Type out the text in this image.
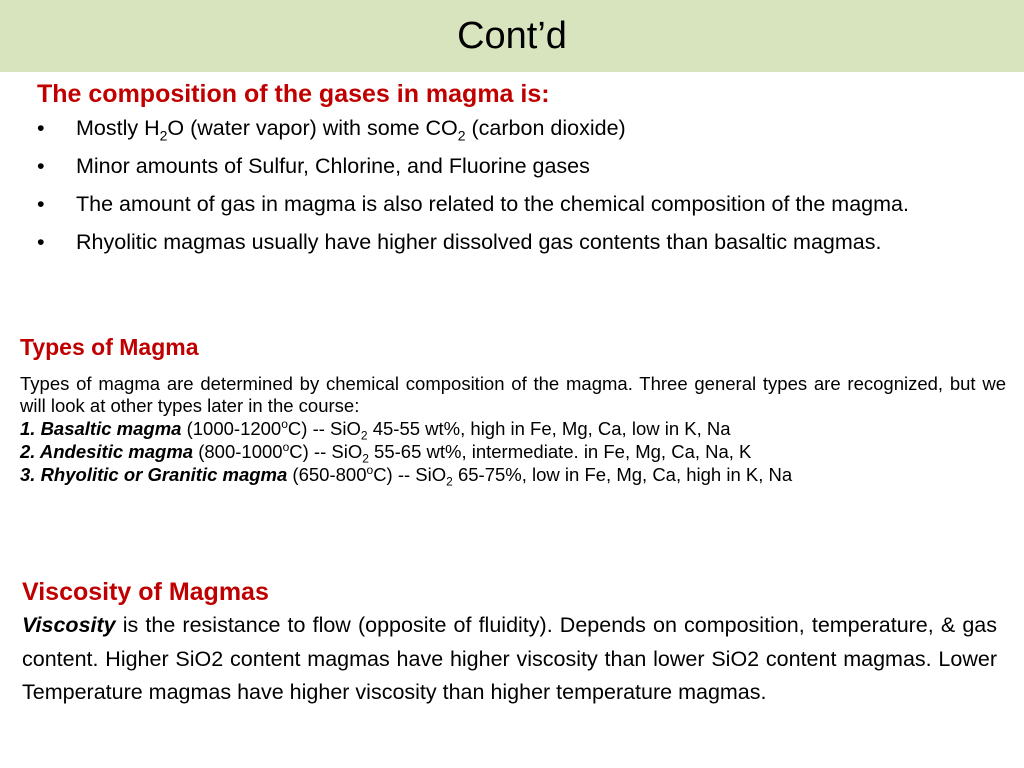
Cont’d
The composition of the gases in magma is:
• Mostly $H_2O$ (water vapor) with some $CO_2$ (carbon dioxide)
• Minor amounts of Sulfur, Chlorine, and Fluorine gases
• The amount of gas in magma is also related to the chemical composition of the magma.
• Rhyolitic magmas usually have higher dissolved gas contents than basaltic magmas.
Types of Magma

Types of magma are determined by chemical composition of the magma. Three general types are recognized, but we will look at other types later in the course:

1. Basaltic magma (1000-1200$^o$C) -- SiO$_2$ 45-55 wt%, high in Fe, Mg, Ca, low in K, Na

2. Andesitic magma (800-1000$^o$C) -- SiO$_2$ 55-65 wt%, intermediate. in Fe, Mg, Ca, Na, K

3. Rhyolitic or Granitic magma (650-800$^o$C) -- SiO$_2$ 65-75%, low in Fe, Mg, Ca, high in K, Na

Viscosity of Magmas

Viscosity is the resistance to flow (opposite of fluidity). Depends on composition, temperature, & gas content. Higher SiO2 content magmas have higher viscosity than lower SiO2 content magmas. Lower Temperature magmas have higher viscosity than higher temperature magmas.
